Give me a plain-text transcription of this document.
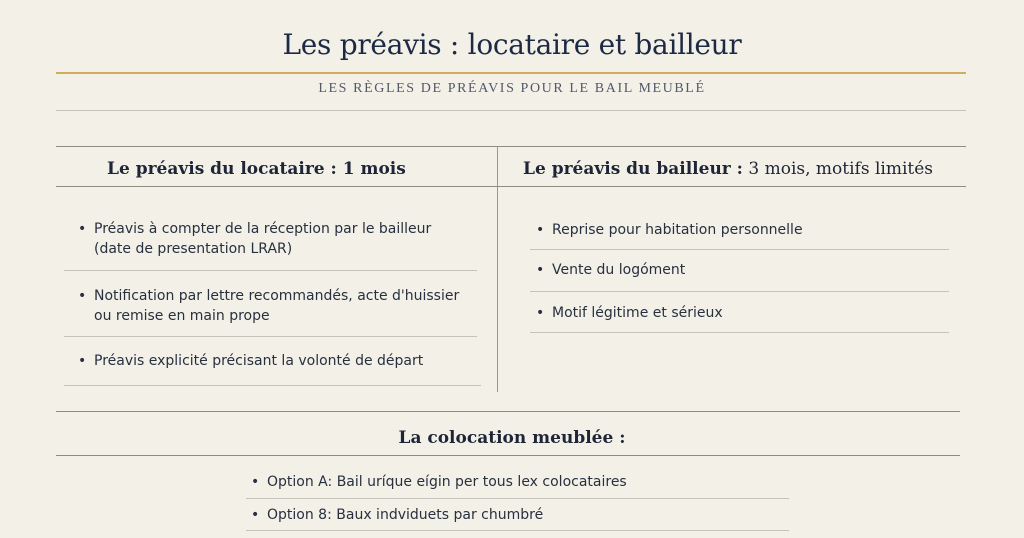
Les préavis : locataire et bailleur
LES RÈGLES DE PRÉAVIS POUR LE BAIL MEUBLÉ
Le préavis du locataire : 1 mois
• Préavis à compter de la réception par le bailleur
(date de presentation LRAR)
• Notification par lettre recommandés, acte d'huissier
ou remise en main prope
• Préavis explicité précisant la volonté de départ
Le préavis du bailleur : 3 mois, motifs limités
• Reprise pour habitation personnelle
• Vente du logóment
• Motif légitime et sérieux
La colocation meublée :
• Option A: Bail uríque eígin per tous lex colocataires
• Option 8: Baux indviduets par chumbré
